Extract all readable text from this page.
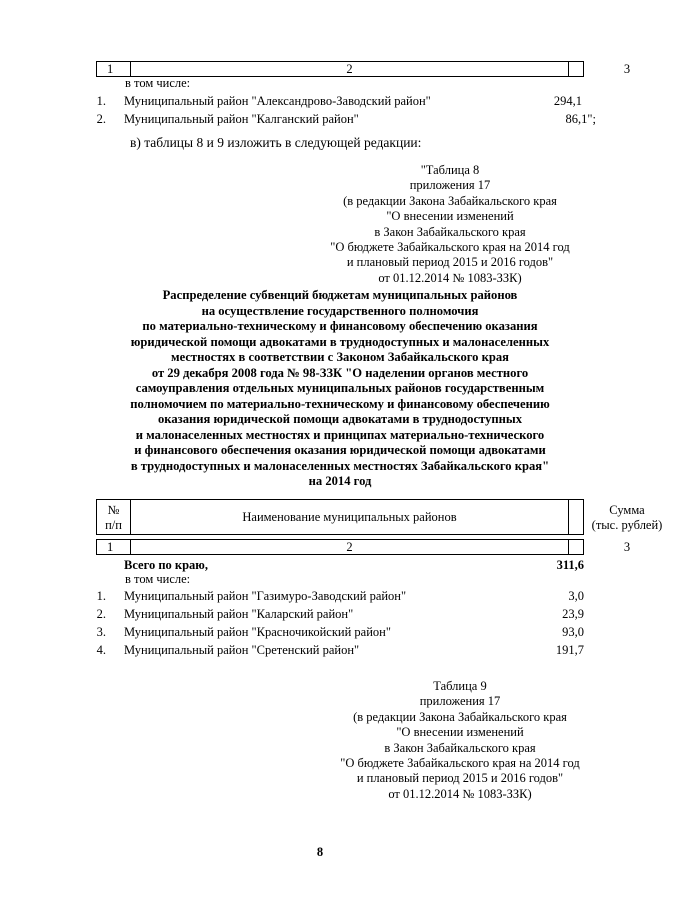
1	2	3
в том числе:
1. Муниципальный район "Александрово-Заводский район"	294,1
2. Муниципальный район "Калганский район"	86,1";
в) таблицы 8 и 9 изложить в следующей редакции:
"Таблица 8
приложения 17
(в редакции Закона Забайкальского края
"О внесении изменений
в Закон Забайкальского края
"О бюджете Забайкальского края на 2014 год
и плановый период 2015 и 2016 годов"
от 01.12.2014 № 1083-ЗЗК)
Распределение субвенций бюджетам муниципальных районов
на осуществление государственного полномочия
по материально-техническому и финансовому обеспечению оказания
юридической помощи адвокатами в труднодоступных и малонаселенных
местностях в соответствии с Законом Забайкальского края
от 29 декабря 2008 года № 98-ЗЗК "О наделении органов местного
самоуправления отдельных муниципальных районов государственным
полномочием по материально-техническому и финансовому обеспечению
оказания юридической помощи адвокатами в труднодоступных
и малонаселенных местностях и принципах материально-технического
и финансового обеспечения оказания юридической помощи адвокатами
в труднодоступных и малонаселенных местностях Забайкальского края"
на 2014 год
№
п/п
Наименование муниципальных районов	Сумма
(тыс. рублей)
1	2	3
Всего по краю,	311,6
в том числе:
1. Муниципальный район "Газимуро-Заводский район"	3,0
2. Муниципальный район "Каларский район"	23,9
3. Муниципальный район "Красночикойский район"	93,0
4. Муниципальный район "Сретенский район"	191,7
Таблица 9
приложения 17
(в редакции Закона Забайкальского края
"О внесении изменений
в Закон Забайкальского края
"О бюджете Забайкальского края на 2014 год
и плановый период 2015 и 2016 годов"
от 01.12.2014 № 1083-ЗЗК)
8
